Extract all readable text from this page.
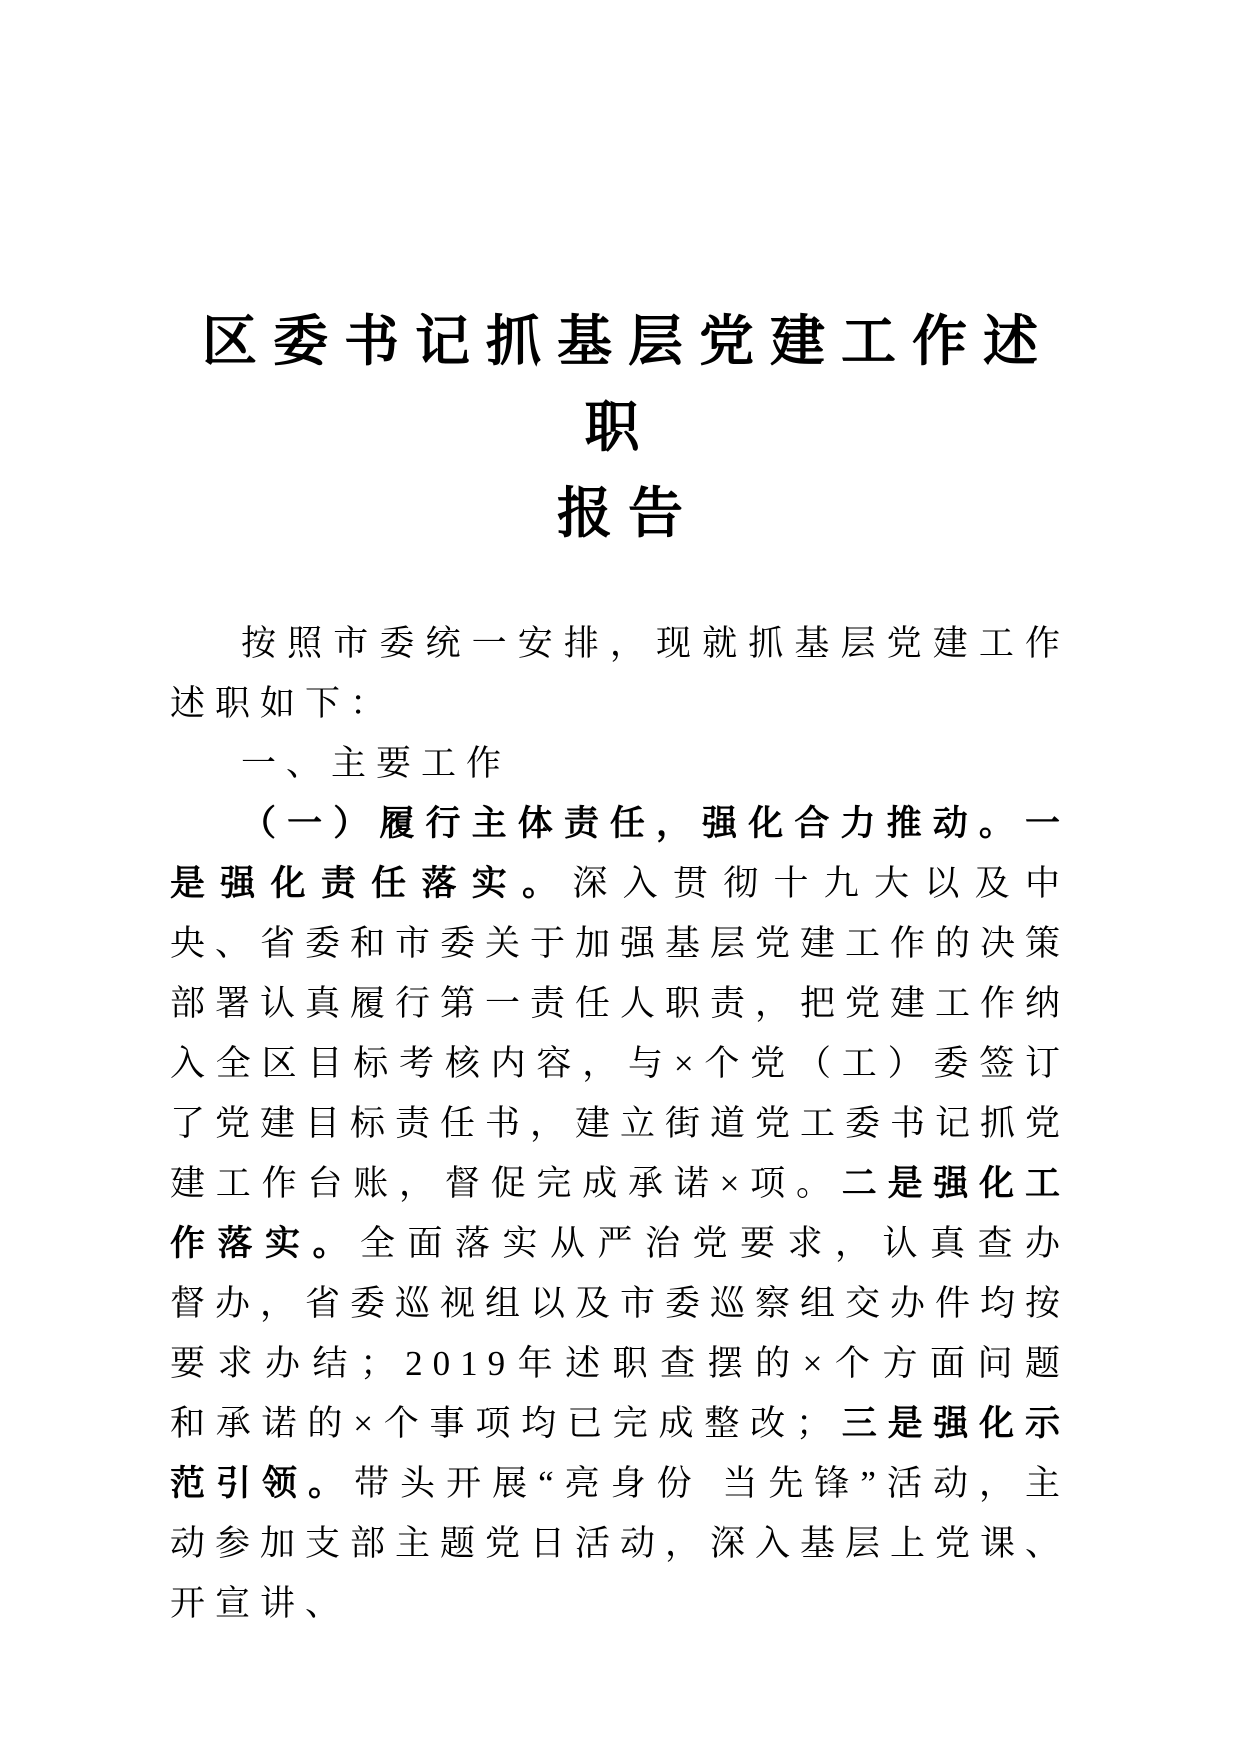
区委书记抓基层党建工作述职
报告

按照市委统一安排，现就抓基层党建工作述职如下：

一、主要工作

（一）履行主体责任，强化合力推动。一是强化责任落实。深入贯彻十九大以及中央、省委和市委关于加强基层党建工作的决策部署认真履行第一责任人职责，把党建工作纳入全区目标考核内容，与×个党（工）委签订了党建目标责任书，建立街道党工委书记抓党建工作台账，督促完成承诺×项。二是强化工作落实。全面落实从严治党要求，认真查办督办，省委巡视组以及市委巡察组交办件均按要求办结；2019年述职查摆的×个方面问题和承诺的×个事项均已完成整改；三是强化示范引领。带头开展“亮身份 当先锋”活动，主动参加支部主题党日活动，深入基层上党课、开宣讲、
